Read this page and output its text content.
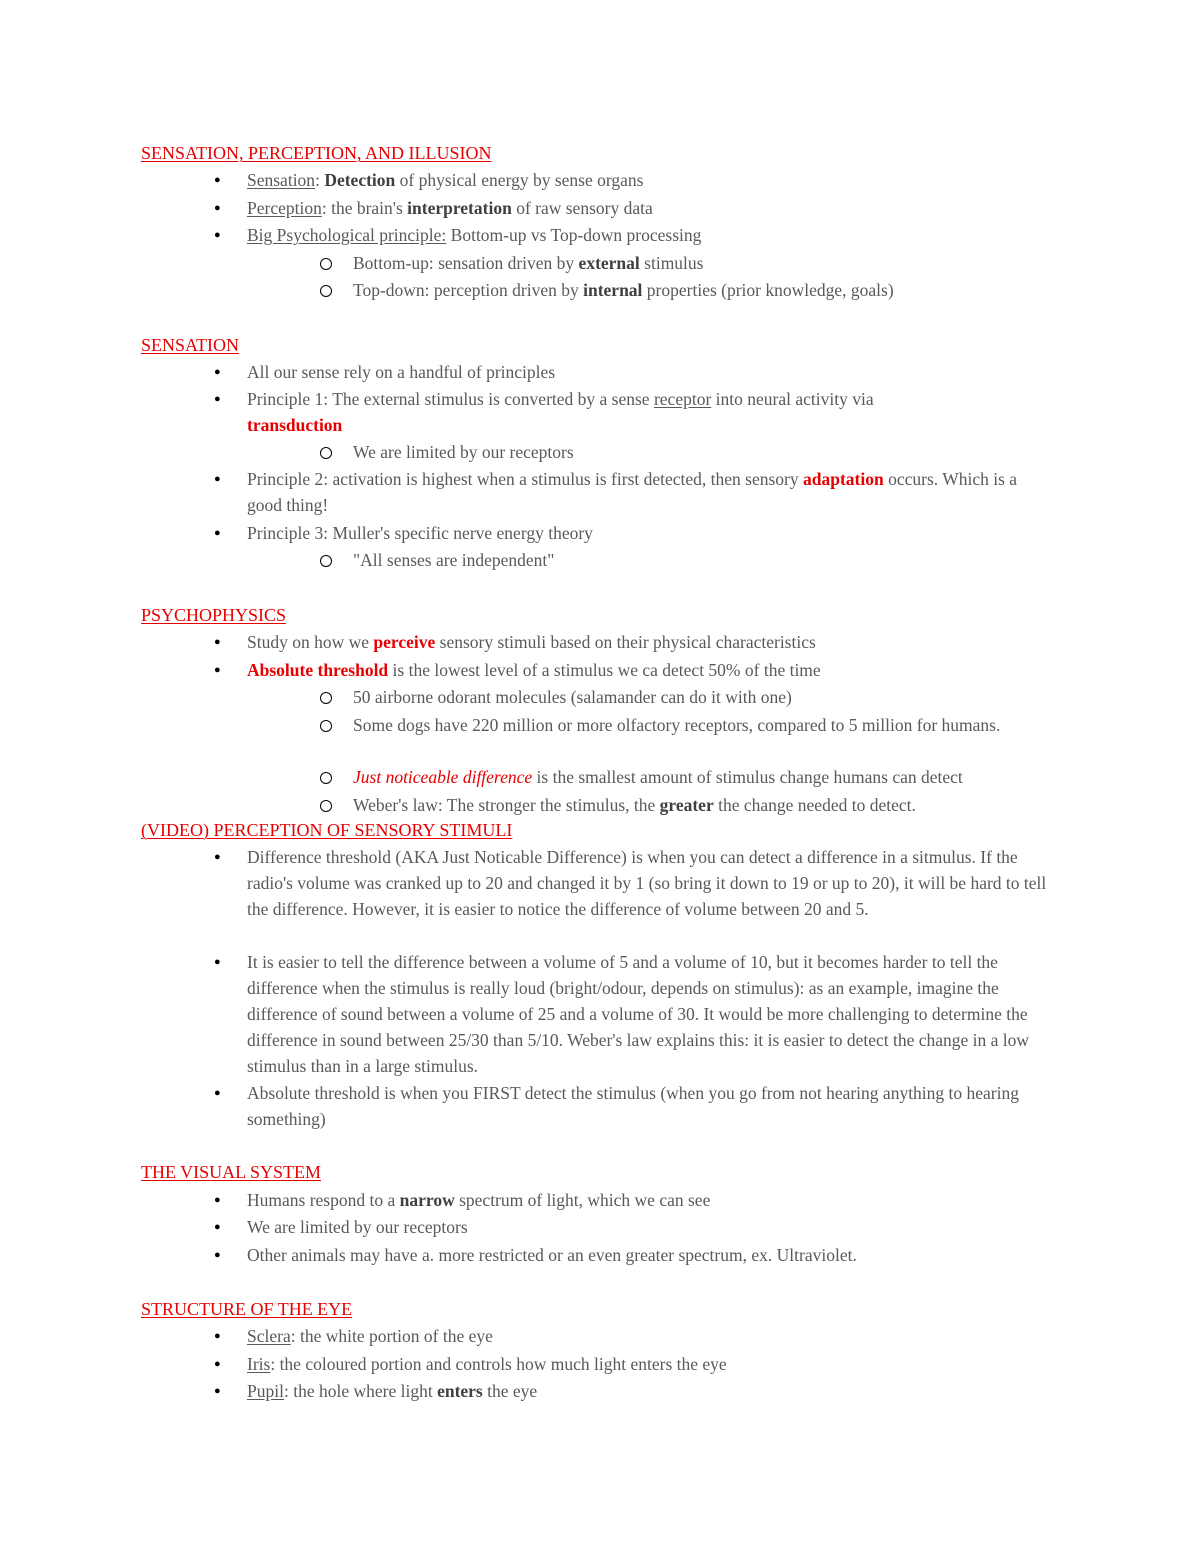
SENSATION, PERCEPTION, AND ILLUSION
● Sensation: Detection of physical energy by sense organs
● Perception: the brain's interpretation of raw sensory data
● Big Psychological principle: Bottom-up vs Top-down processing
Bottom-up: sensation driven by external stimulus
Top-down: perception driven by internal properties (prior knowledge, goals)
SENSATION
● All our sense rely on a handful of principles
● Principle 1: The external stimulus is converted by a sense receptor into neural activity via transduction
We are limited by our receptors
● Principle 2: activation is highest when a stimulus is first detected, then sensory adaptation occurs. Which is a good thing!
● Principle 3: Muller's specific nerve energy theory
"All senses are independent"
PSYCHOPHYSICS
● Study on how we perceive sensory stimuli based on their physical characteristics
● Absolute threshold is the lowest level of a stimulus we ca detect 50% of the time
50 airborne odorant molecules (salamander can do it with one)
Some dogs have 220 million or more olfactory receptors, compared to 5 million for humans.
Just noticeable difference is the smallest amount of stimulus change humans can detect
Weber's law: The stronger the stimulus, the greater the change needed to detect.
(VIDEO) PERCEPTION OF SENSORY STIMULI
● Difference threshold (AKA Just Noticable Difference) is when you can detect a difference in a sitmulus. If the radio's volume was cranked up to 20 and changed it by 1 (so bring it down to 19 or up to 20), it will be hard to tell the difference. However, it is easier to notice the difference of volume between 20 and 5.
● It is easier to tell the difference between a volume of 5 and a volume of 10, but it becomes harder to tell the difference when the stimulus is really loud (bright/odour, depends on stimulus): as an example, imagine the difference of sound between a volume of 25 and a volume of 30. It would be more challenging to determine the difference in sound between 25/30 than 5/10. Weber's law explains this: it is easier to detect the change in a low stimulus than in a large stimulus.
● Absolute threshold is when you FIRST detect the stimulus (when you go from not hearing anything to hearing something)
THE VISUAL SYSTEM
● Humans respond to a narrow spectrum of light, which we can see
● We are limited by our receptors
● Other animals may have a. more restricted or an even greater spectrum, ex. Ultraviolet.
STRUCTURE OF THE EYE
● Sclera: the white portion of the eye
● Iris: the coloured portion and controls how much light enters the eye
● Pupil: the hole where light enters the eye
